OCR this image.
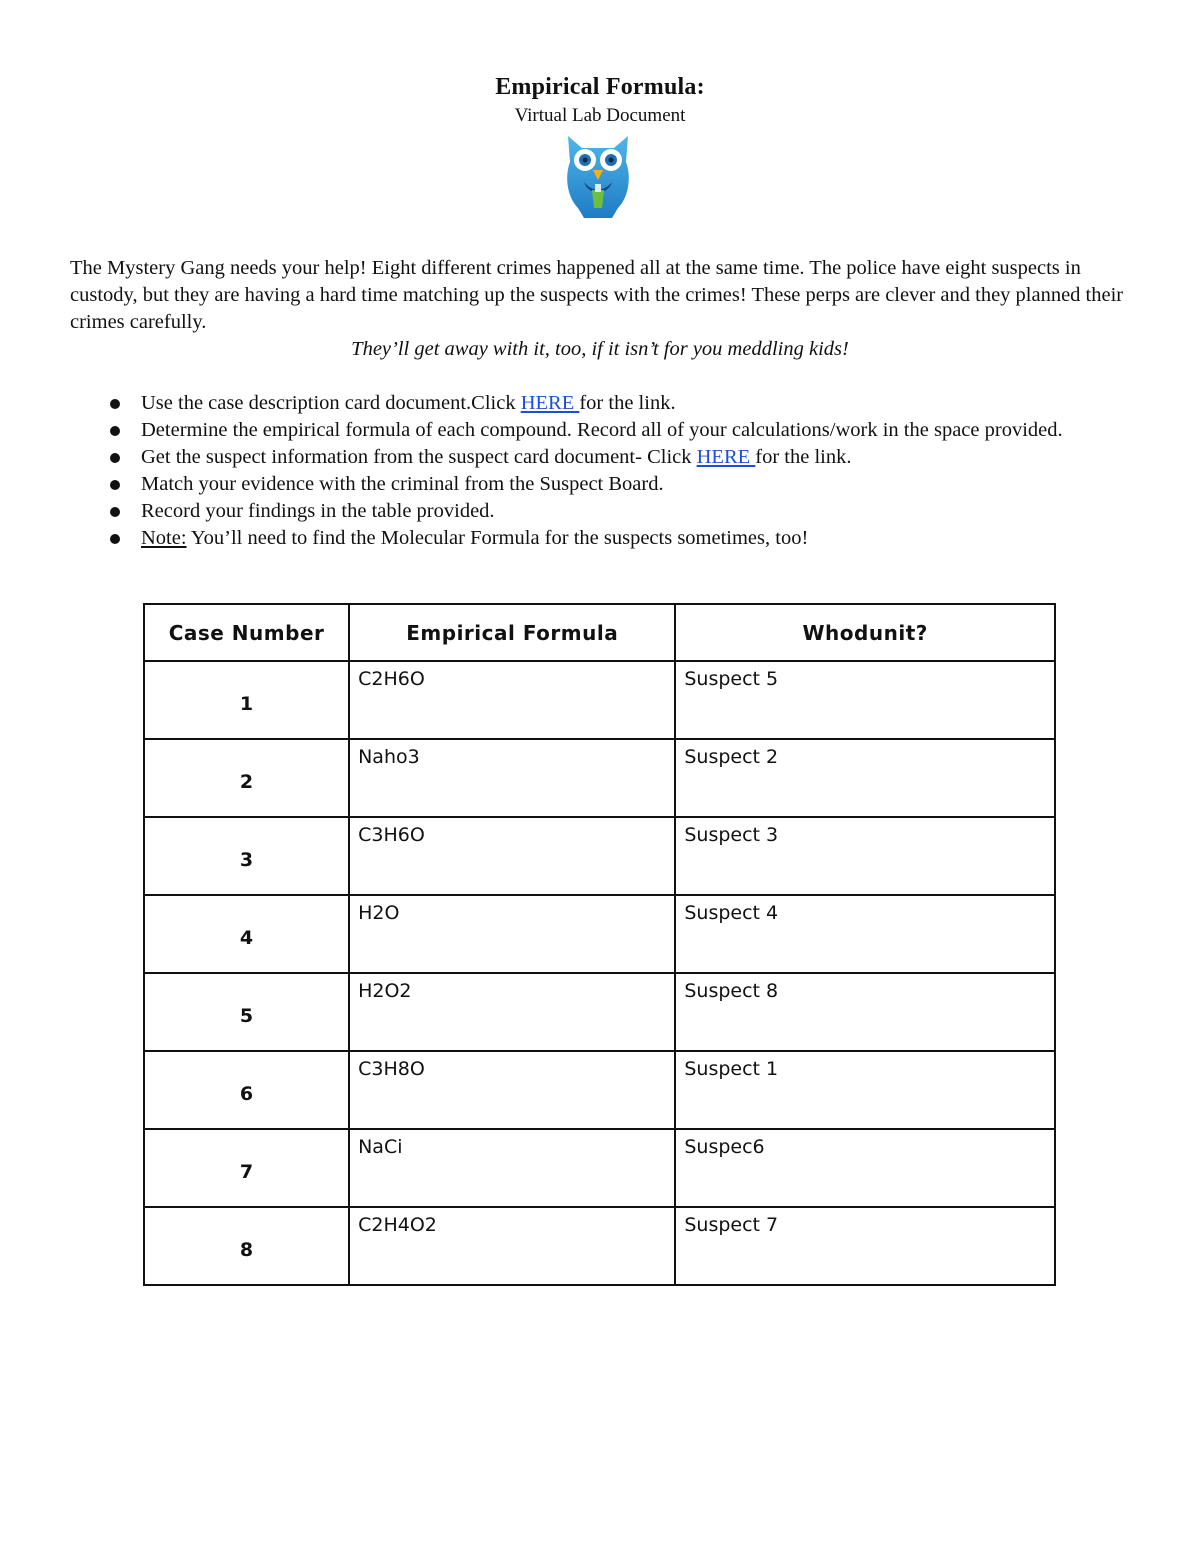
Empirical Formula:
Virtual Lab Document
The Mystery Gang needs your help! Eight different crimes happened all at the same time. The police have eight suspects in custody, but they are having a hard time matching up the suspects with the crimes! These perps are clever and they planned their crimes carefully.
They’ll get away with it, too, if it isn’t for you meddling kids!
Use the case description card document.Click HERE for the link.
Determine the empirical formula of each compound. Record all of your calculations/work in the space provided.
Get the suspect information from the suspect card document- Click HERE for the link.
Match your evidence with the criminal from the Suspect Board.
Record your findings in the table provided.
Note: You’ll need to find the Molecular Formula for the suspects sometimes, too!
Case Number	Empirical Formula	Whodunit?
1	C2H6O	Suspect 5
2	Naho3	Suspect 2
3	C3H6O	Suspect 3
4	H2O	Suspect 4
5	H2O2	Suspect 8
6	C3H8O	Suspect 1
7	NaCi	Suspec6
8	C2H4O2	Suspect 7
